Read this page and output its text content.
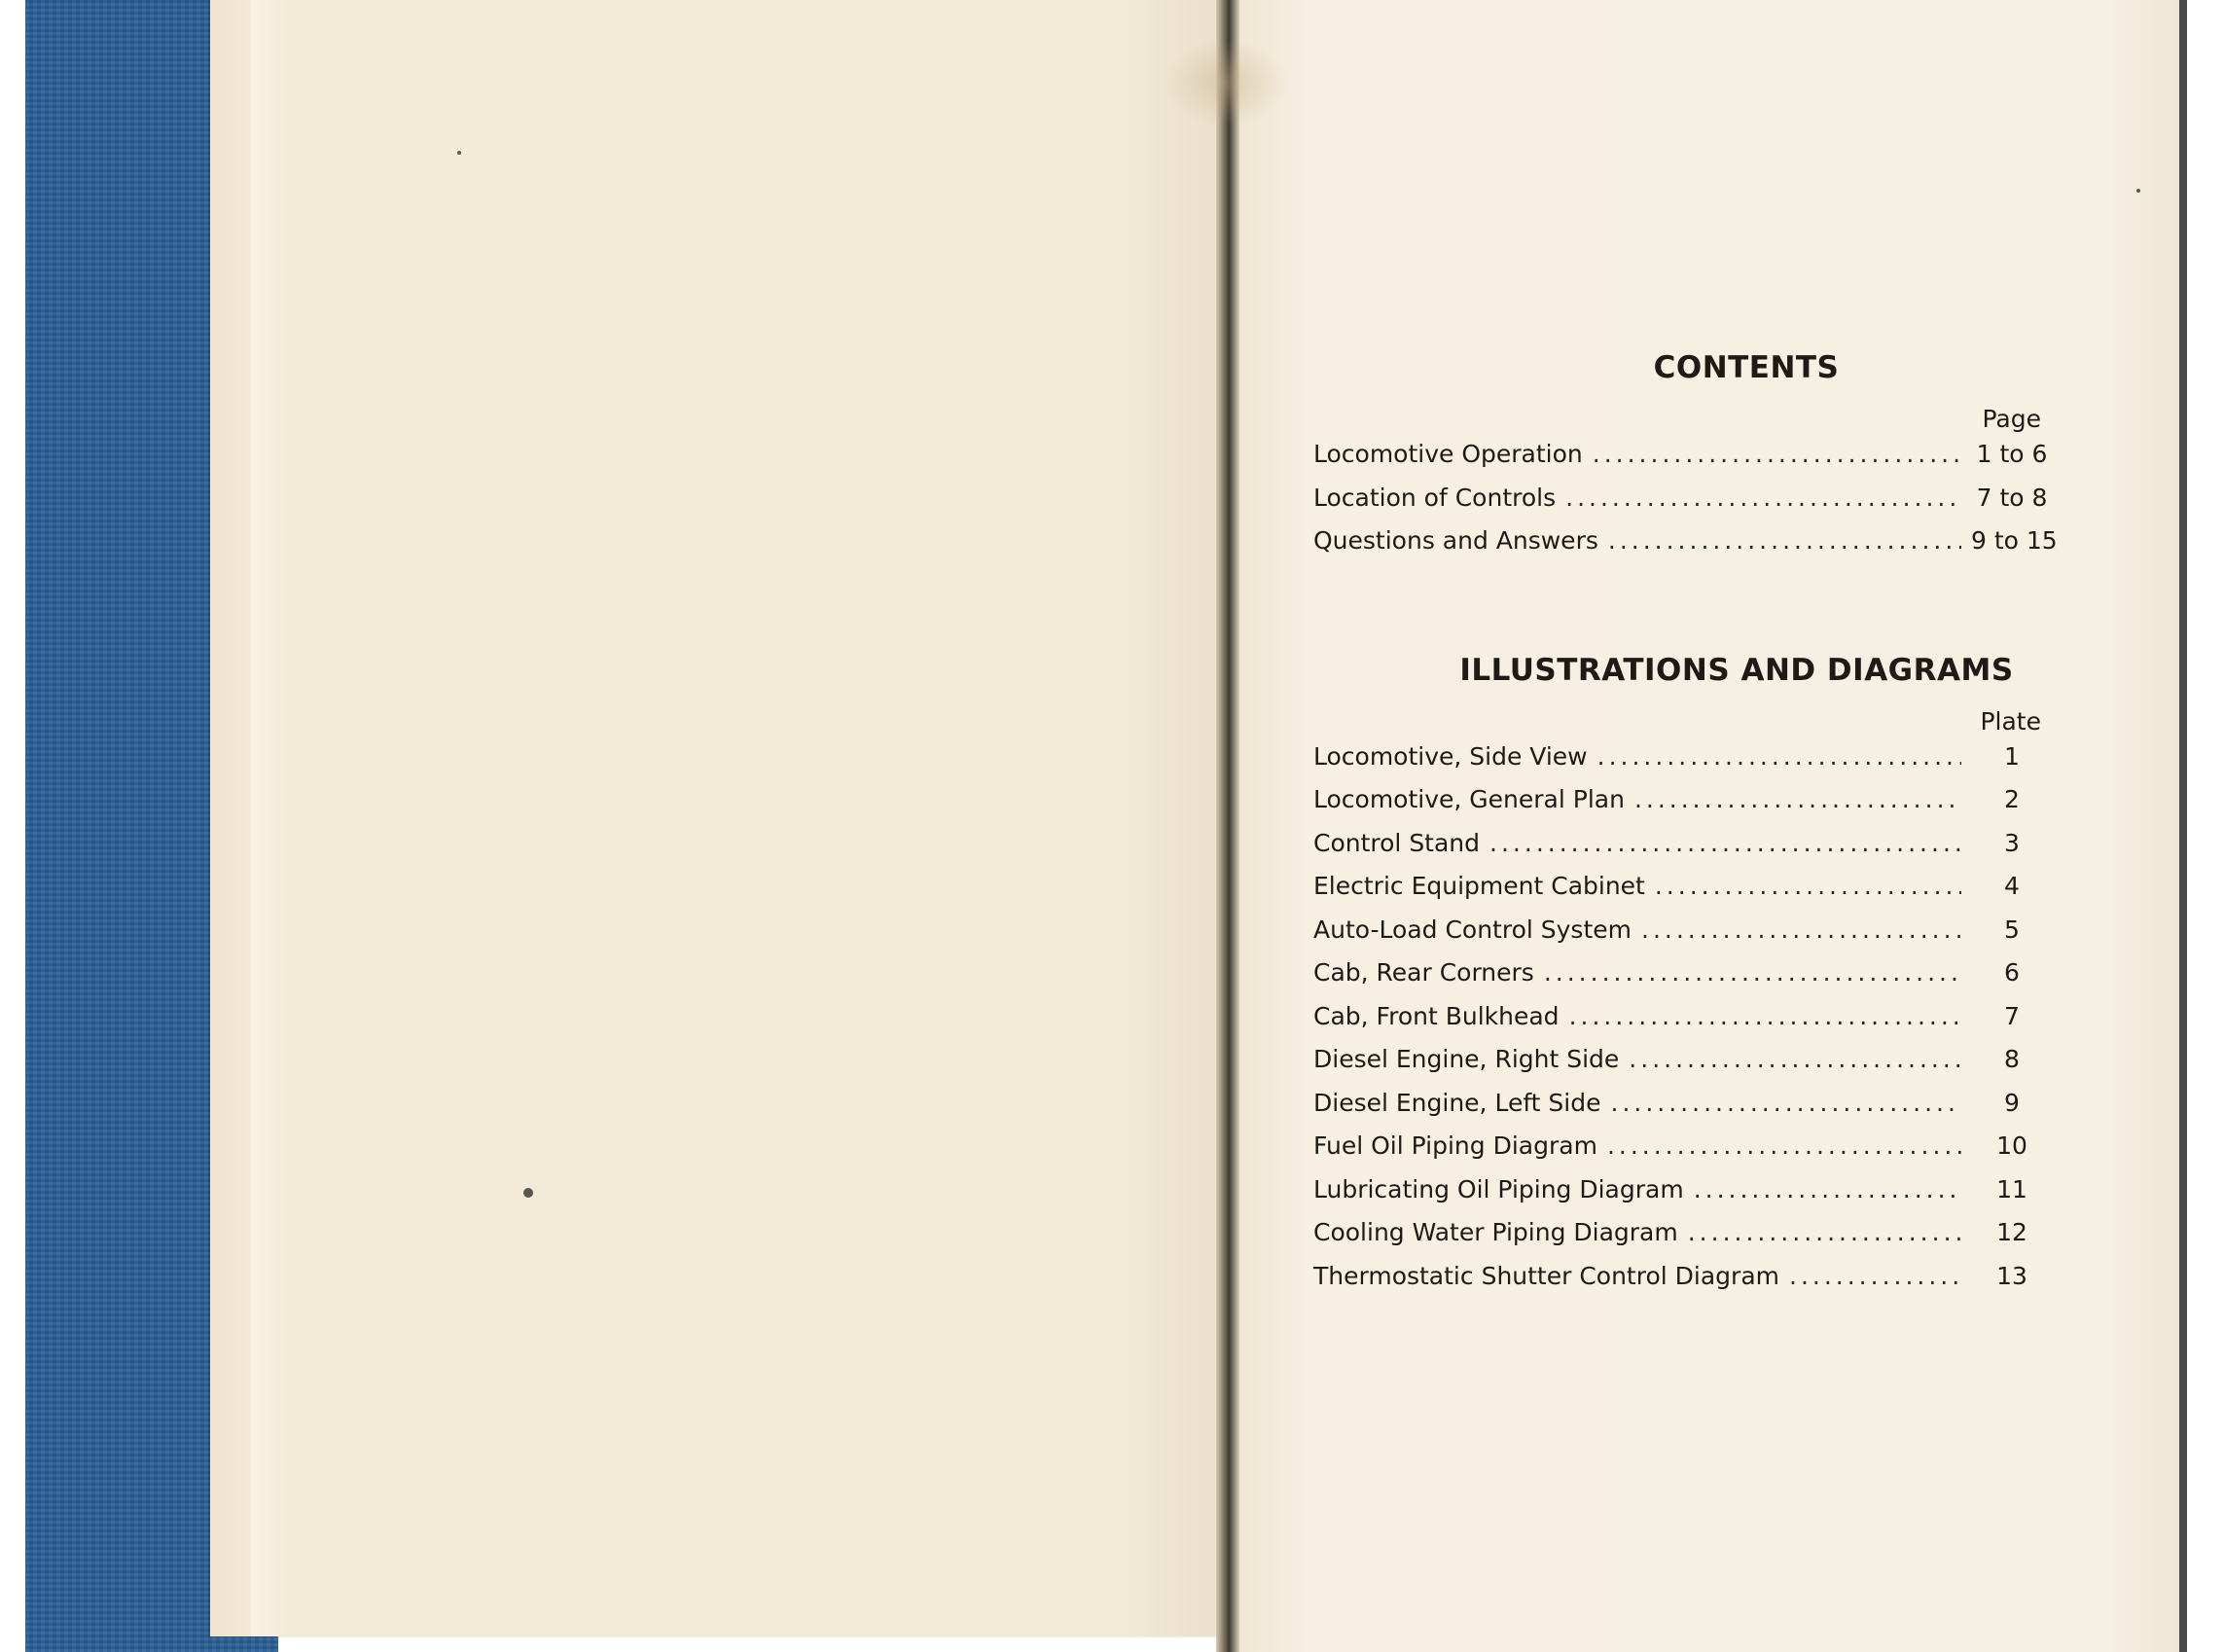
CONTENTS

Page

Locomotive Operation .....	1 to 6
Location of Controls .....	7 to 8
Questions and Answers .....	9 to 15
ILLUSTRATIONS AND DIAGRAMS

Plate

Locomotive, Side View .....	1
Locomotive, General Plan .....	2
Control Stand .....	3
Electric Equipment Cabinet .....	4
Auto-Load Control System .....	5
Cab, Rear Corners .....	6
Cab, Front Bulkhead .....	7
Diesel Engine, Right Side .....	8
Diesel Engine, Left Side .....	9
Fuel Oil Piping Diagram .....	10
Lubricating Oil Piping Diagram .....	11
Cooling Water Piping Diagram .....	12
Thermostatic Shutter Control Diagram .....	13
